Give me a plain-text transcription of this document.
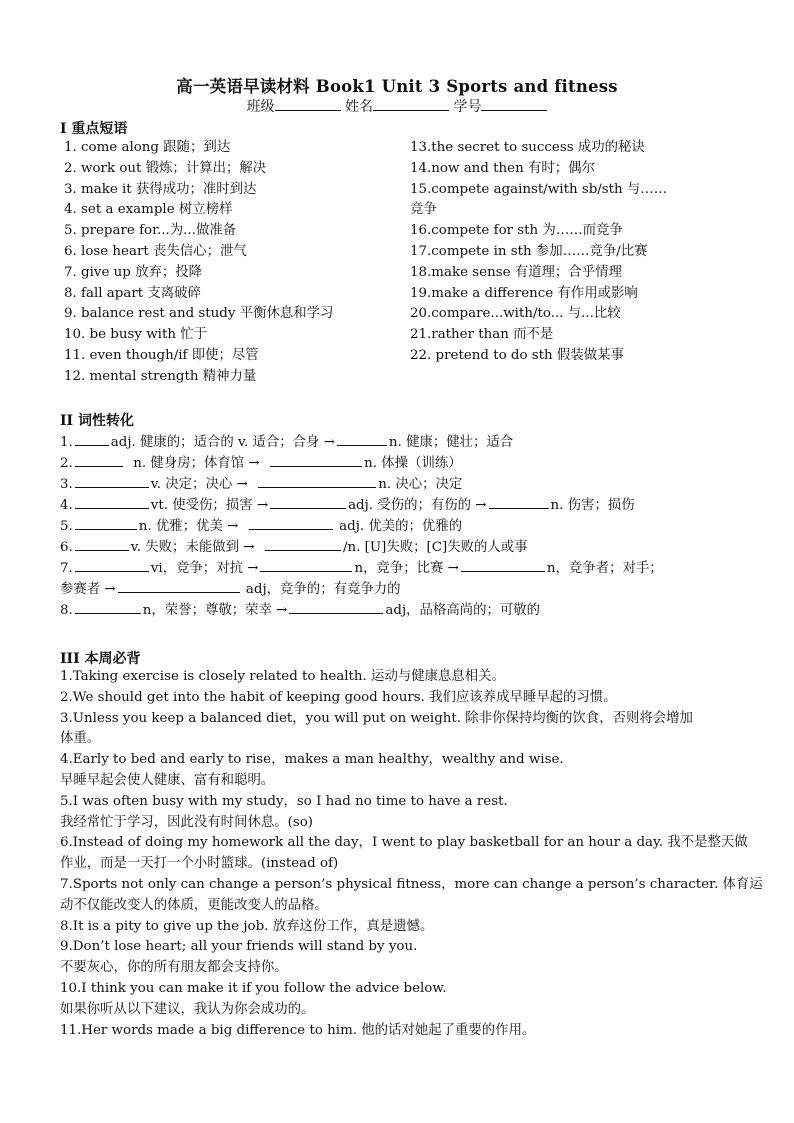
高一英语早读材料 Book1 Unit 3 Sports and fitness
班级	姓名	学号
I 重点短语
1. come along 跟随；到达
2. work out 锻炼；计算出；解决
3. make it 获得成功；准时到达
4. set a example 树立榜样
5. prepare for...为...做准备
6. lose heart 丧失信心；泄气
7. give up 放弃；投降
8. fall apart 支离破碎
9. balance rest and study 平衡休息和学习
10. be busy with 忙于
11. even though/if 即使；尽管
12. mental strength 精神力量
13.the secret to success 成功的秘诀
14.now and then 有时；偶尔
15.compete against/with sb/sth 与……
竞争
16.compete for sth 为……而竞争
17.compete in sth 参加……竞争/比赛
18.make sense 有道理；合乎情理
19.make a difference 有作用或影响
20.compare...with/to... 与...比较
21.rather than 而不是
22. pretend to do sth 假装做某事
II 词性转化
1.	adj. 健康的；适合的 v. 适合；合身 →	n. 健康；健壮；适合
2.	n. 健身房；体育馆 →	n. 体操（训练）
3.	v. 决定；决心 →	n. 决心；决定
4.	vt. 使受伤；损害 →	adj. 受伤的；有伤的 →	n. 伤害；损伤
5.	n. 优雅；优美 →	adj. 优美的；优雅的
6.	v. 失败；未能做到 →	/n. [U]失败；[C]失败的人或事
7.	vi，竞争；对抗 →	n，竞争；比赛 →	n，竞争者；对手；
参赛者 →	adj，竞争的；有竞争力的
8.	n，荣誉；尊敬；荣幸 →	adj，品格高尚的；可敬的
III 本周必背
1.Taking exercise is closely related to health. 运动与健康息息相关。
2.We should get into the habit of keeping good hours. 我们应该养成早睡早起的习惯。
3.Unless you keep a balanced diet，you will put on weight. 除非你保持均衡的饮食，否则将会增加
体重。
4.Early to bed and early to rise，makes a man healthy，wealthy and wise.
早睡早起会使人健康、富有和聪明。
5.I was often busy with my study，so I had no time to have a rest.
我经常忙于学习，因此没有时间休息。(so)
6.Instead of doing my homework all the day，I went to play basketball for an hour a day. 我不是整天做
作业，而是一天打一个小时篮球。(instead of)
7.Sports not only can change a person’s physical fitness，more can change a person’s character. 体育运
动不仅能改变人的体质，更能改变人的品格。
8.It is a pity to give up the job. 放弃这份工作，真是遗憾。
9.Don’t lose heart; all your friends will stand by you.
不要灰心，你的所有朋友都会支持你。
10.I think you can make it if you follow the advice below.
如果你听从以下建议，我认为你会成功的。
11.Her words made a big difference to him. 他的话对她起了重要的作用。
